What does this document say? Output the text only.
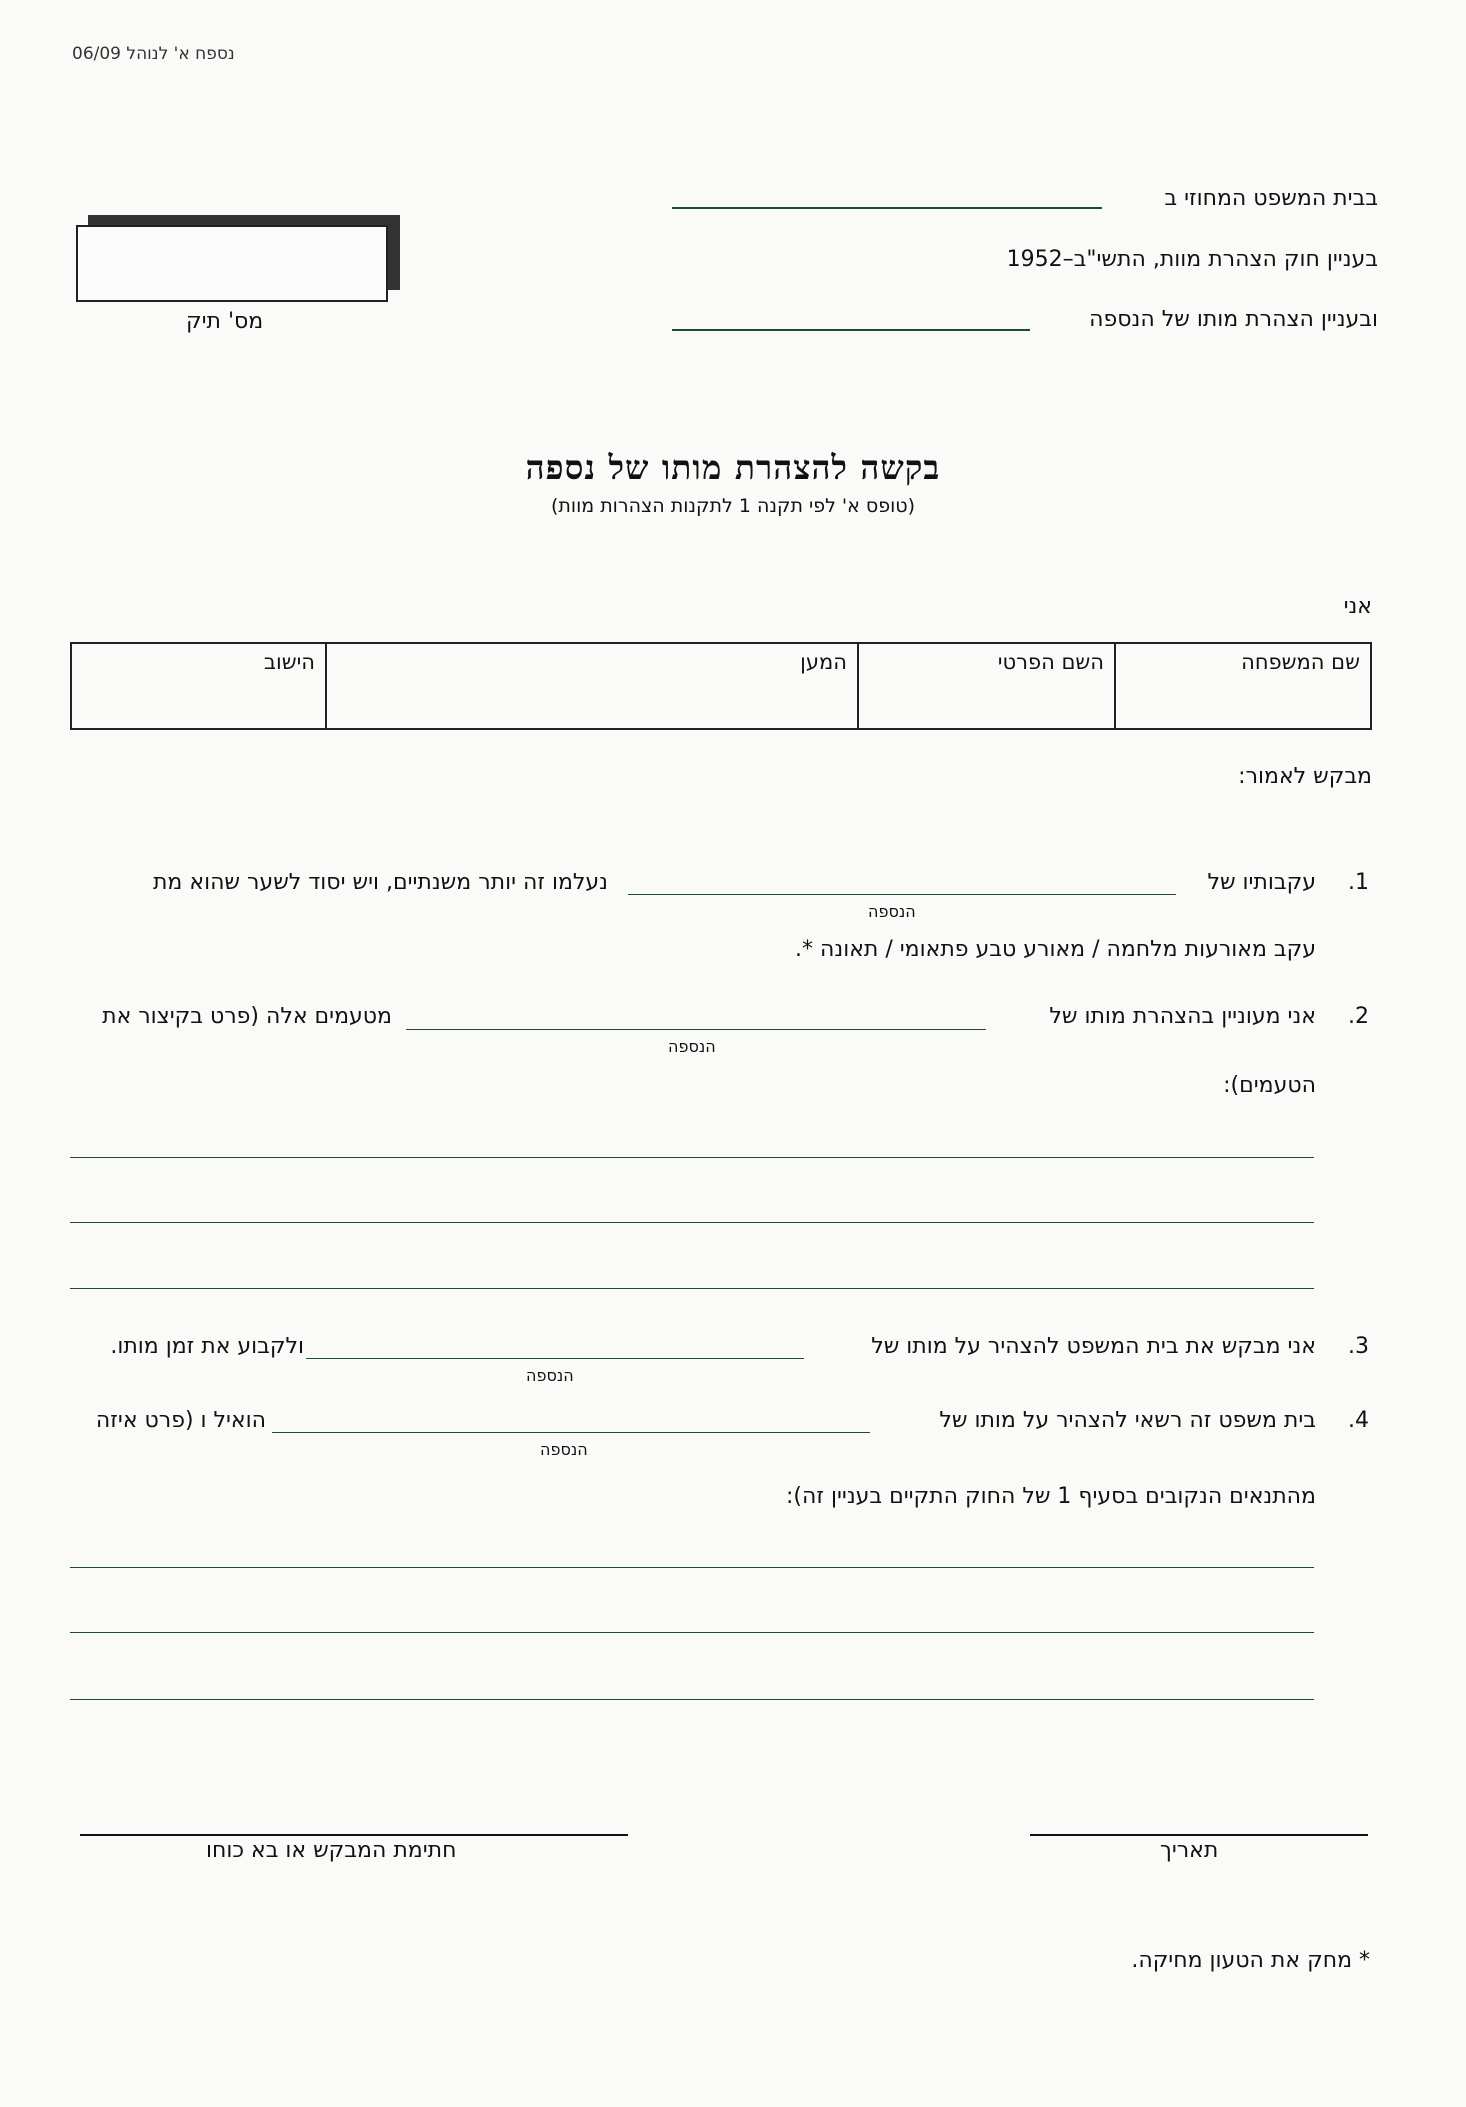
נספח א' לנוהל 06/09
מס' תיק
בבית המשפט המחוזי ב
בעניין חוק הצהרת מוות, התשי"ב–1952
ובעניין הצהרת מותו של הנספה
בקשה להצהרת מותו של נספה
(טופס א' לפי תקנה 1 לתקנות הצהרות מוות)
אני
שם המשפחה
השם הפרטי
המען
הישוב
מבקש לאמור:
.1
עקבותיו של
הנספה
נעלמו זה יותר משנתיים, ויש יסוד לשער שהוא מת
עקב מאורעות מלחמה / מאורע טבע פתאומי / תאונה *.
.2
אני מעוניין בהצהרת מותו של
הנספה
מטעמים אלה (פרט בקיצור את
הטעמים):
.3
אני מבקש את בית המשפט להצהיר על מותו של
הנספה
ולקבוע את זמן מותו.
.4
בית משפט זה רשאי להצהיר על מותו של
הנספה
הואיל ו (פרט איזה
מהתנאים הנקובים בסעיף 1 של החוק התקיים בעניין זה):
תאריך
חתימת המבקש או בא כוחו
* מחק את הטעון מחיקה.
